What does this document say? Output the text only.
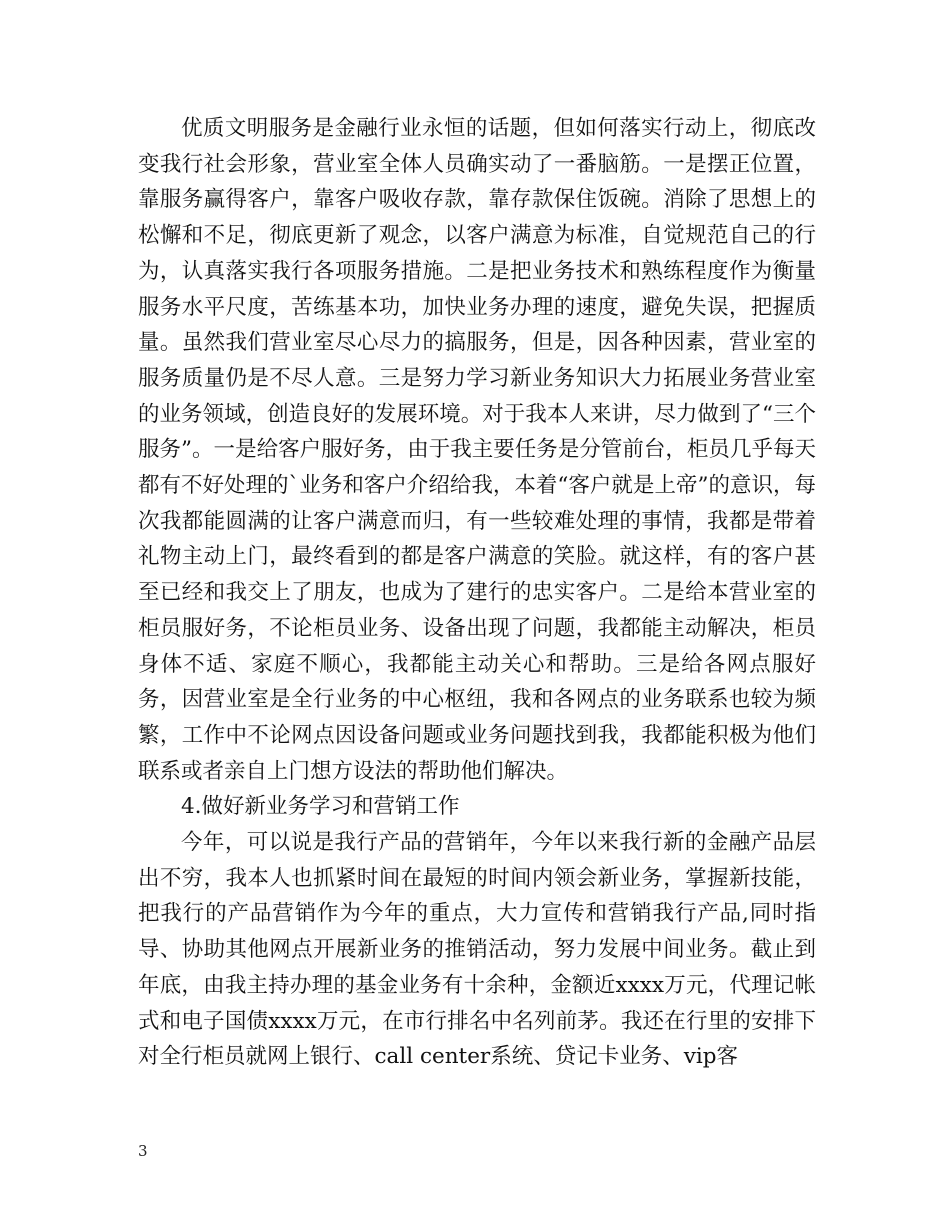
优质文明服务是金融行业永恒的话题，但如何落实行动上，彻底改变我行社会形象，营业室全体人员确实动了一番脑筋。一是摆正位置，靠服务赢得客户，靠客户吸收存款，靠存款保住饭碗。消除了思想上的松懈和不足，彻底更新了观念，以客户满意为标准，自觉规范自己的行为，认真落实我行各项服务措施。二是把业务技术和熟练程度作为衡量服务水平尺度，苦练基本功，加快业务办理的速度，避免失误，把握质量。虽然我们营业室尽心尽力的搞服务，但是，因各种因素，营业室的服务质量仍是不尽人意。三是努力学习新业务知识大力拓展业务营业室的业务领域，创造良好的发展环境。对于我本人来讲，尽力做到了“三个服务”。一是给客户服好务，由于我主要任务是分管前台，柜员几乎每天都有不好处理的`业务和客户介绍给我，本着“客户就是上帝”的意识，每次我都能圆满的让客户满意而归，有一些较难处理的事情，我都是带着礼物主动上门，最终看到的都是客户满意的笑脸。就这样，有的客户甚至已经和我交上了朋友，也成为了建行的忠实客户。二是给本营业室的柜员服好务，不论柜员业务、设备出现了问题，我都能主动解决，柜员身体不适、家庭不顺心，我都能主动关心和帮助。三是给各网点服好务，因营业室是全行业务的中心枢纽，我和各网点的业务联系也较为频繁，工作中不论网点因设备问题或业务问题找到我，我都能积极为他们联系或者亲自上门想方设法的帮助他们解决。

4.做好新业务学习和营销工作

今年，可以说是我行产品的营销年，今年以来我行新的金融产品层出不穷，我本人也抓紧时间在最短的时间内领会新业务，掌握新技能，把我行的产品营销作为今年的重点，大力宣传和营销我行产品,同时指导、协助其他网点开展新业务的推销活动，努力发展中间业务。截止到年底，由我主持办理的基金业务有十余种，金额近xxxx万元，代理记帐式和电子国债xxxx万元，在市行排名中名列前茅。我还在行里的安排下对全行柜员就网上银行、call center系统、贷记卡业务、vip客

3
